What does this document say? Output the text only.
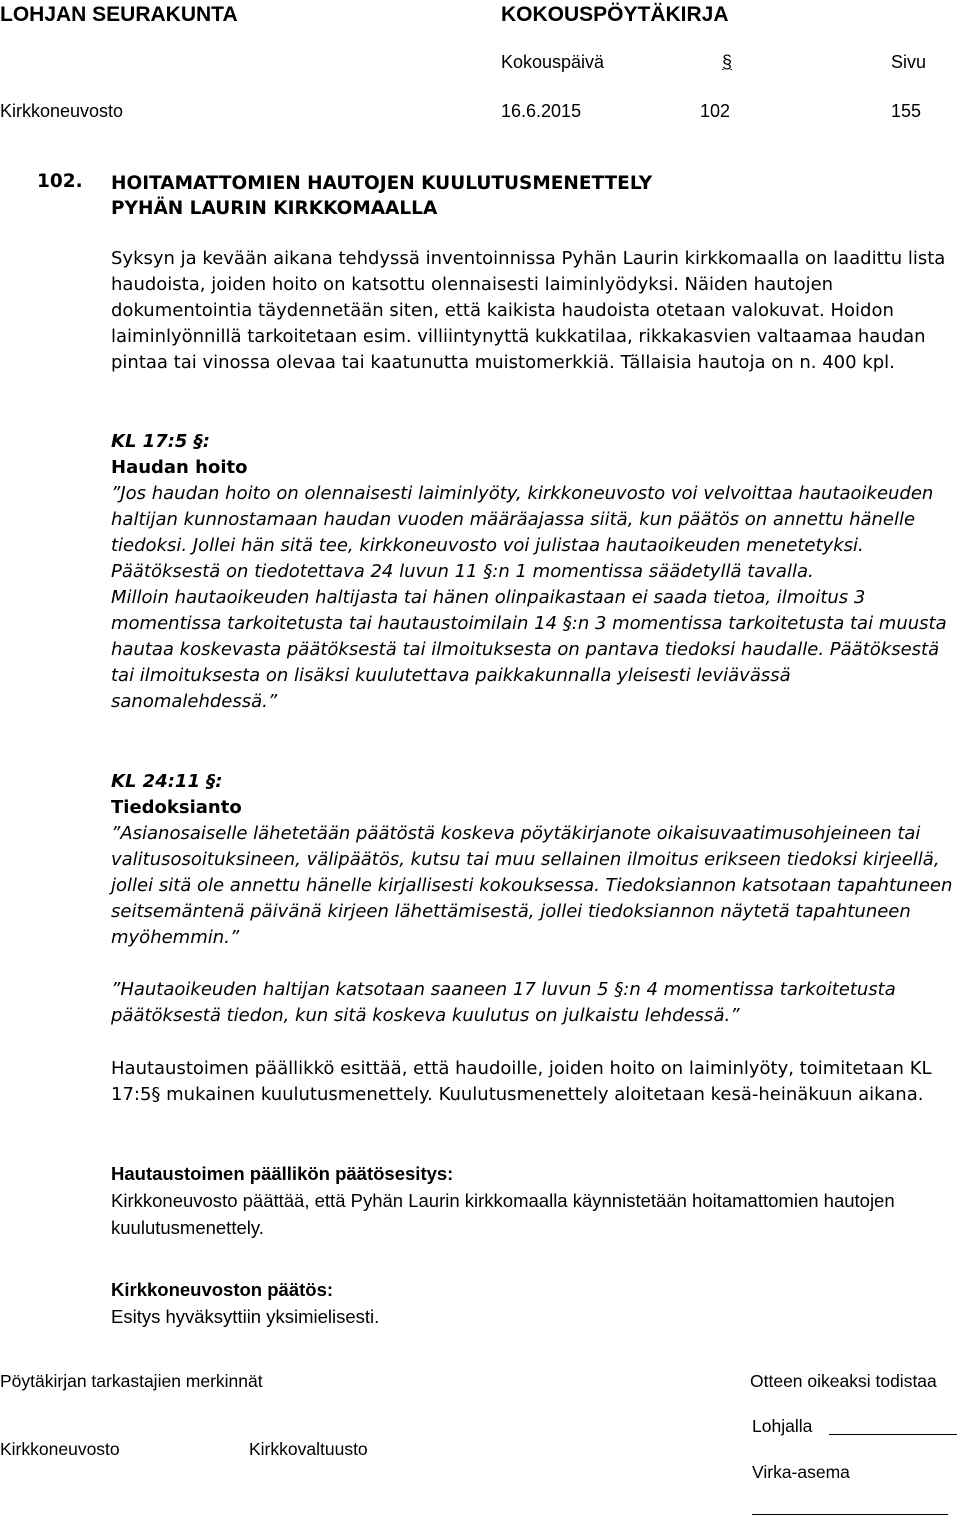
LOHJAN SEURAKUNTA	KOKOUSPÖYTÄKIRJA
Kokouspäivä	§	Sivu
Kirkkoneuvosto	16.6.2015	102	155
102. HOITAMATTOMIEN HAUTOJEN KUULUTUSMENETTELY
PYHÄN LAURIN KIRKKOMAALLA

Syksyn ja kevään aikana tehdyssä inventoinnissa Pyhän Laurin kirkkomaalla on laadittu lista haudoista, joiden hoito on katsottu olennaisesti laiminlyödyksi. Näiden hautojen dokumentointia täydennetään siten, että kaikista haudoista otetaan valokuvat. Hoidon laiminlyönnillä tarkoitetaan esim. villiintynyttä kukkatilaa, rikkakasvien valtaamaa haudan pintaa tai vinossa olevaa tai kaatunutta muistomerkkiä. Tällaisia hautoja on n. 400 kpl.

KL 17:5 §:

Haudan hoito

”Jos haudan hoito on olennaisesti laiminlyöty, kirkkoneuvosto voi velvoittaa hautaoikeuden haltijan kunnostamaan haudan vuoden määräajassa siitä, kun päätös on annettu hänelle tiedoksi. Jollei hän sitä tee, kirkkoneuvosto voi julistaa hautaoikeuden menetetyksi. Päätöksestä on tiedotettava 24 luvun 11 §:n 1 momentissa säädetyllä tavalla.

Milloin hautaoikeuden haltijasta tai hänen olinpaikastaan ei saada tietoa, ilmoitus 3 momentissa tarkoitetusta tai hautaustoimilain 14 §:n 3 momentissa tarkoitetusta tai muusta hautaa koskevasta päätöksestä tai ilmoituksesta on pantava tiedoksi haudalle. Päätöksestä tai ilmoituksesta on lisäksi kuulutettava paikkakunnalla yleisesti leviävässä sanomalehdessä.”

KL 24:11 §:

Tiedoksianto

”Asianosaiselle lähetetään päätöstä koskeva pöytäkirjanote oikaisuvaatimusohjeineen tai valitusosoituksineen, välipäätös, kutsu tai muu sellainen ilmoitus erikseen tiedoksi kirjeellä, jollei sitä ole annettu hänelle kirjallisesti kokouksessa. Tiedoksiannon katsotaan tapahtuneen seitsemäntenä päivänä kirjeen lähettämisestä, jollei tiedoksiannon näytetä tapahtuneen myöhemmin.”

”Hautaoikeuden haltijan katsotaan saaneen 17 luvun 5 §:n 4 momentissa tarkoitetusta päätöksestä tiedon, kun sitä koskeva kuulutus on julkaistu lehdessä.”

Hautaustoimen päällikkö esittää, että haudoille, joiden hoito on laiminlyöty, toimitetaan KL 17:5§ mukainen kuulutusmenettely. Kuulutusmenettely aloitetaan kesä-heinäkuun aikana.

Hautaustoimen päällikön päätösesitys:

Kirkkoneuvosto päättää, että Pyhän Laurin kirkkomaalla käynnistetään hoitamattomien hautojen kuulutusmenettely.

Kirkkoneuvoston päätös:

Esitys hyväksyttiin yksimielisesti.

Pöytäkirjan tarkastajien merkinnät	Otteen oikeaksi todistaa
Lohjalla
Kirkkoneuvosto	Kirkkovaltuusto
Virka-asema
